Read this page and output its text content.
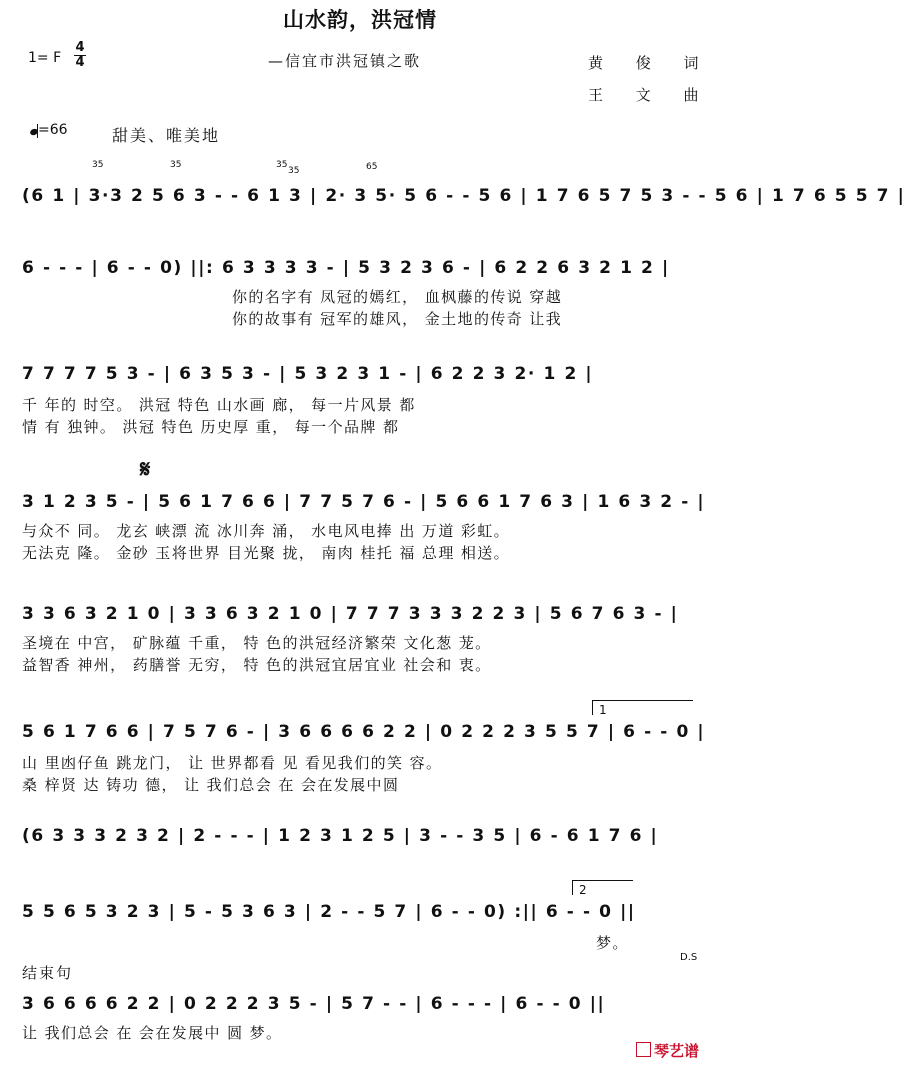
山水韵，洪冠情
1= F
4
4	—信宜市洪冠镇之歌	黄 俊 词
王 文 曲
=66	甜美、唯美地
35	35	35
35	65
(6 1 | 3·3 2 5 6 3 - - 6 1 3 | 2· 3 5· 5 6 - - 5 6 | 1 7 6 5 7 5 3 - - 5 6 | 1 7 6 5 5 7 |
6 - - - | 6 - - 0) ||: 6 3 3 3 3 - | 5 3 2 3 6 - | 6 2 2 6 3 2 1 2 |
你的名字有 凤冠的嫣红， 血枫藤的传说 穿越
你的故事有 冠军的雄风， 金土地的传奇 让我
7 7 7 7 5 3 - | 6 3 5 3 - | 5 3 2 3 1 - | 6 2 2 3 2· 1 2 |
千 年的 时空。 洪冠 特色 山水画 廊， 每一片风景 都
情 有 独钟。 洪冠 特色 历史厚 重， 每一个品牌 都
𝄋
3 1 2 3 5 - | 5 6 1 7 6 6 | 7 7 5 7 6 - | 5 6 6 1 7 6 3 | 1 6 3 2 - |
与众不 同。 龙玄 峡漂 流 冰川奔 涌， 水电风电捧 出 万道 彩虹。
无法克 隆。 金砂 玉将世界 目光聚 拢， 南肉 桂托 福 总理 相送。
3 3 6 3 2 1 0 | 3 3 6 3 2 1 0 | 7 7 7 3 3 3 2 2 3 | 5 6 7 6 3 - |
圣境在 中宫， 矿脉蕴 千重， 特 色的洪冠经济繁荣 文化葱 茏。
益智香 神州， 药膳誉 无穷， 特 色的洪冠宜居宜业 社会和 衷。
1
5 6 1 7 6 6 | 7 5 7 6 - | 3 6 6 6 6 2 2 | 0 2 2 2 3 5 5 7 | 6 - - 0 |
山 里凼仔鱼 跳龙门， 让 世界都看 见 看见我们的笑 容。
桑 梓贤 达 铸功 德， 让 我们总会 在 会在发展中圆
(6 3 3 3 2 3 2 | 2 - - - | 1 2 3 1 2 5 | 3 - - 3 5 | 6 - 6 1 7 6 |
2
5 5 6 5 3 2 3 | 5 - 5 3 6 3 | 2 - - 5 7 | 6 - - 0) :|| 6 - - 0 ||
梦。
D.S
结束句
3 6 6 6 6 2 2 | 0 2 2 2 3 5 - | 5 7 - - | 6 - - - | 6 - - 0 ||
让 我们总会 在 会在发展中 圆 梦。
琴艺谱
